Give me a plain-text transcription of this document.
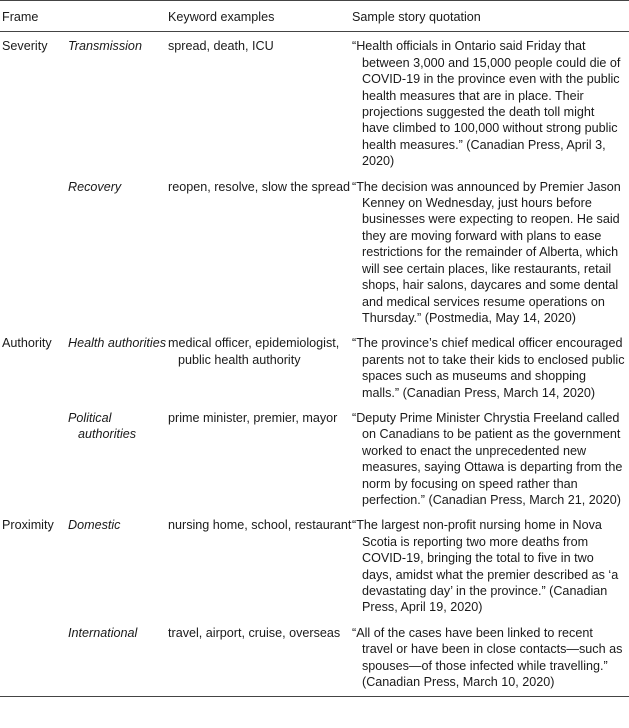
Frame		Keyword examples	Sample story quotation
Severity	Transmission	spread, death, ICU	“Health officials in Ontario said Friday that between 3,000 and 15,000 people could die of COVID-19 in the province even with the public health measures that are in place. Their projections suggested the death toll might have climbed to 100,000 without strong public health measures.” (Canadian Press, April 3, 2020)

	Recovery	reopen, resolve, slow the spread	“The decision was announced by Premier Jason Kenney on Wednesday, just hours before businesses were expecting to reopen. He said they are moving forward with plans to ease restrictions for the remainder of Alberta, which will see certain places, like restaurants, retail shops, hair salons, daycares and some dental and medical services resume operations on Thursday.” (Postmedia, May 14, 2020)

Authority	Health authorities	medical officer, epidemiologist, public health authority	“The province’s chief medical officer encouraged parents not to take their kids to enclosed public spaces such as museums and shopping malls.” (Canadian Press, March 14, 2020)

	Political authorities	prime minister, premier, mayor	“Deputy Prime Minister Chrystia Freeland called on Canadians to be patient as the government worked to enact the unprecedented new measures, saying Ottawa is departing from the norm by focusing on speed rather than perfection.” (Canadian Press, March 21, 2020)

Proximity	Domestic	nursing home, school, restaurant	“The largest non-profit nursing home in Nova Scotia is reporting two more deaths from COVID-19, bringing the total to five in two days, amidst what the premier described as ‘a devastating day’ in the province.” (Canadian Press, April 19, 2020)

	International	travel, airport, cruise, overseas	“All of the cases have been linked to recent travel or have been in close contacts—such as spouses—of those infected while travelling.” (Canadian Press, March 10, 2020)
